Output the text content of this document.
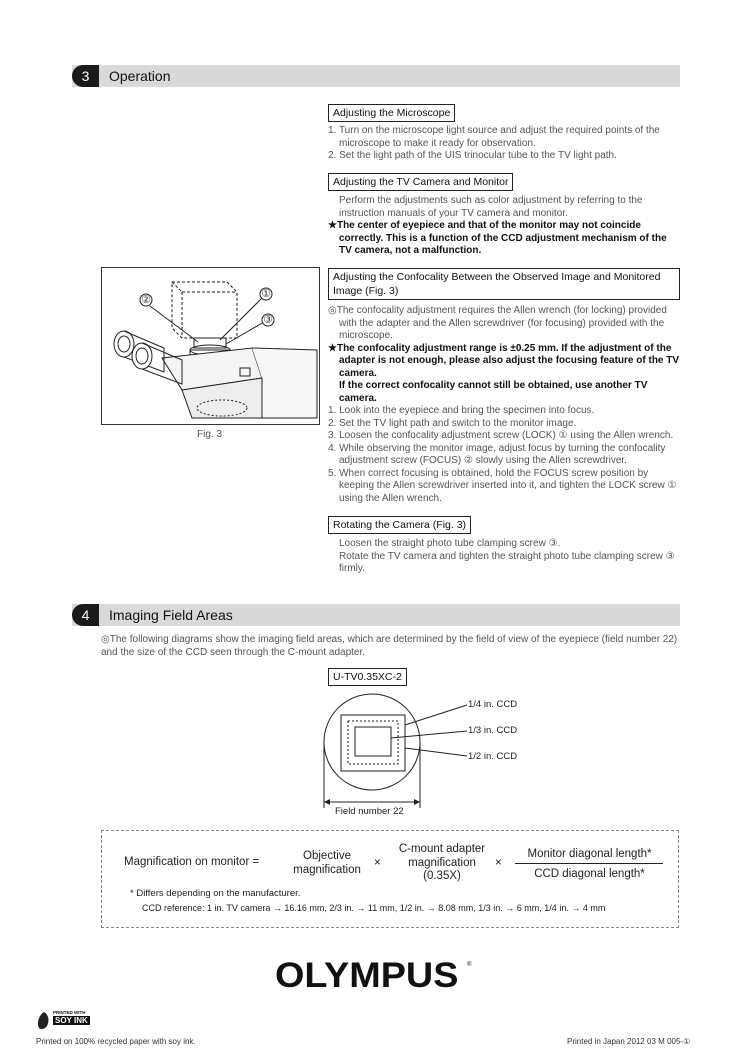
3	Operation
Adjusting the Microscope
1. Turn on the microscope light source and adjust the required points of the microscope to make it ready for observation.
2. Set the light path of the UIS trinocular tube to the TV light path.
Adjusting the TV Camera and Monitor
Perform the adjustments such as color adjustment by referring to the instruction manuals of your TV camera and monitor.
★The center of eyepiece and that of the monitor may not coincide correctly. This is a function of the CCD adjustment mechanism of the TV camera, not a malfunction.
Adjusting the Confocality Between the Observed Image and Monitored Image (Fig. 3)
◎The confocality adjustment requires the Allen wrench (for locking) provided with the adapter and the Allen screwdriver (for focusing) provided with the microscope.
★The confocality adjustment range is ±0.25 mm. If the adjustment of the adapter is not enough, please also adjust the focusing feature of the TV camera.
If the correct confocality cannot still be obtained, use another TV camera.
1. Look into the eyepiece and bring the specimen into focus.
2. Set the TV light path and switch to the monitor image.
3. Loosen the confocality adjustment screw (LOCK) ① using the Allen wrench.
4. While observing the monitor image, adjust focus by turning the confocality adjustment screw (FOCUS) ② slowly using the Allen screwdriver.
5. When correct focusing is obtained, hold the FOCUS screw position by keeping the Allen screwdriver inserted into it, and tighten the LOCK screw ① using the Allen wrench.
Rotating the Camera (Fig. 3)
Loosen the straight photo tube clamping screw ③.
Rotate the TV camera and tighten the straight photo tube clamping screw ③ firmly.
②	①
③
Fig. 3
4	Imaging Field Areas
◎The following diagrams show the imaging field areas, which are determined by the field of view of the eyepiece (field number 22) and the size of the CCD seen through the C-mount adapter.
U-TV0.35XC-2
1/4 in. CCD
1/3 in. CCD
1/2 in. CCD
Field number 22
Magnification on monitor =	Objective
magnification
×
C-mount adapter
magnification
(0.35X)
×
Monitor diagonal length*
CCD diagonal length*
* Differs depending on the manufacturer.
CCD reference: 1 in. TV camera → 16.16 mm, 2/3 in. → 11 mm, 1/2 in. → 8.08 mm, 1/3 in. → 6 mm, 1/4 in. → 4 mm
OLYMPUS ®
PRINTED WITH
SOY INK
Printed on 100% recycled paper with soy ink.	Printed in Japan 2012 03 M 005-①
